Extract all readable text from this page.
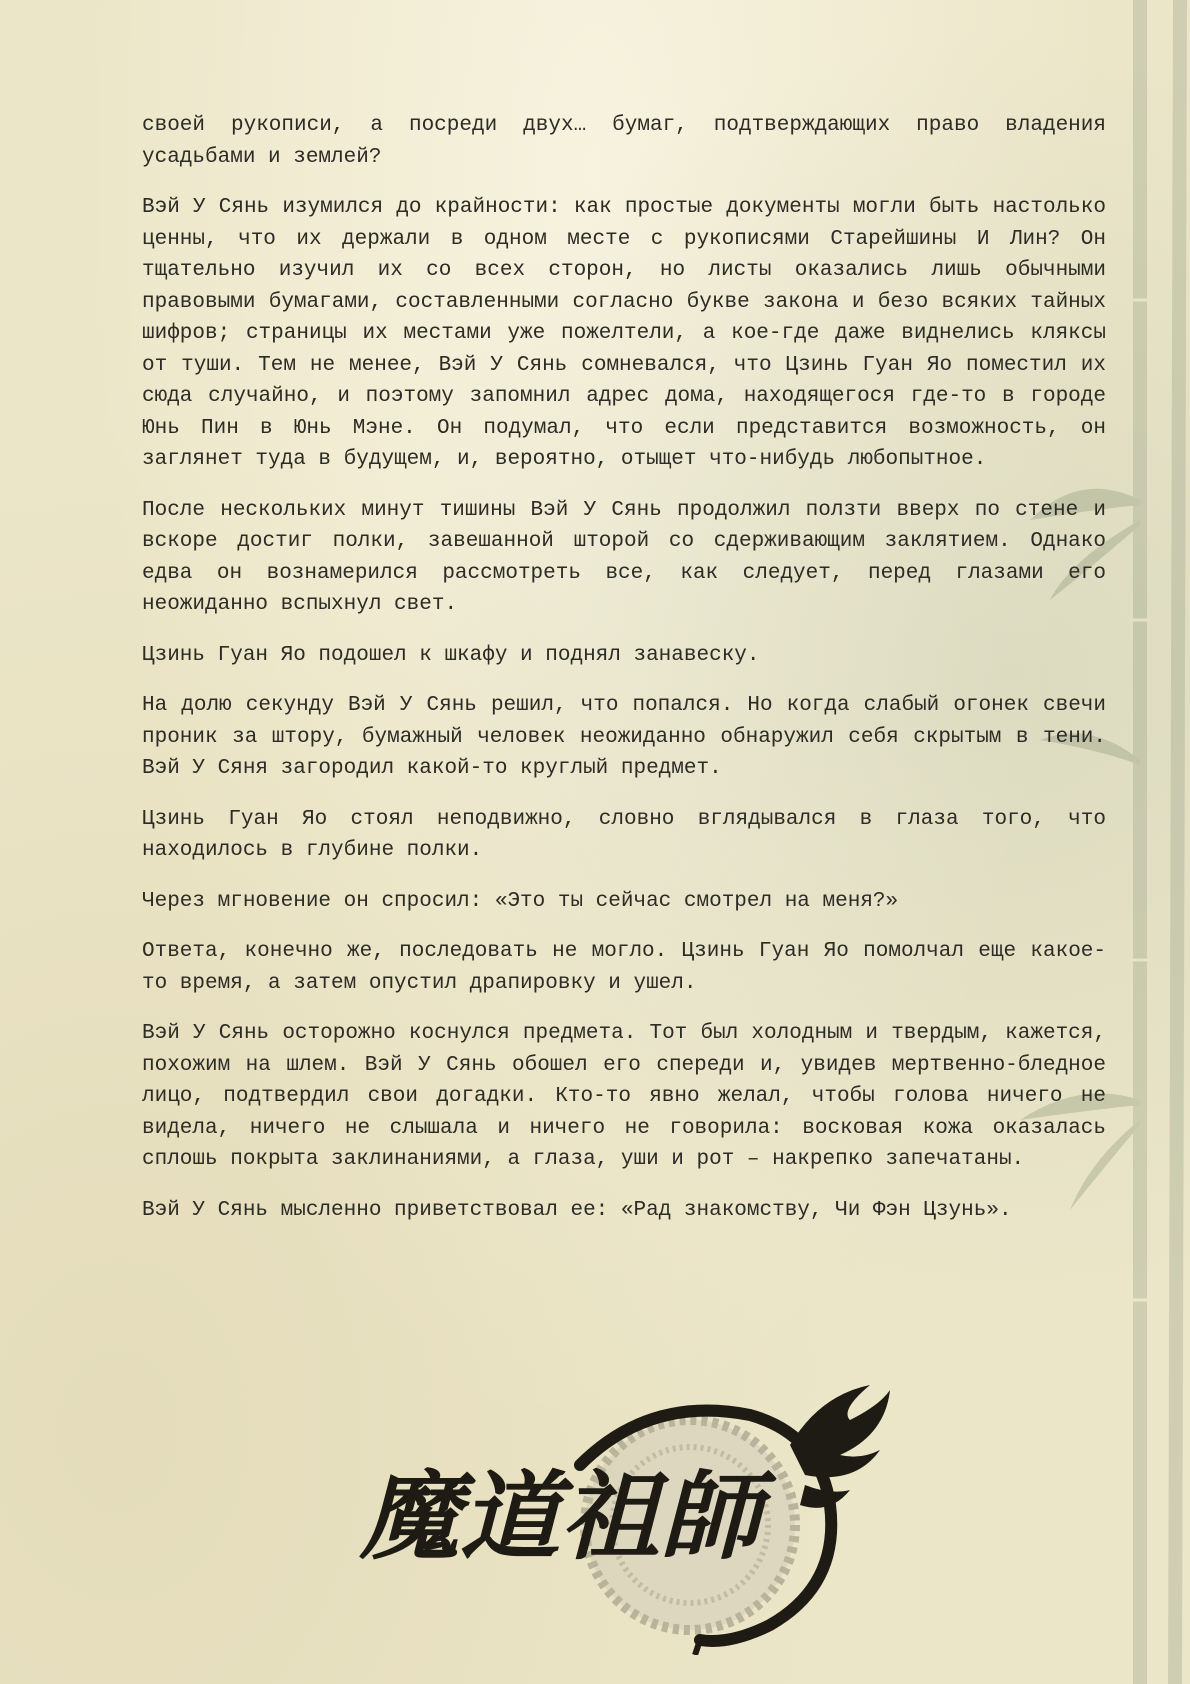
своей рукописи, а посреди двух… бумаг, подтверждающих право владения усадьбами и землей?

Вэй У Сянь изумился до крайности: как простые документы могли быть настолько ценны, что их держали в одном месте с рукописями Старейшины И Лин? Он тщательно изучил их со всех сторон, но листы оказались лишь обычными правовыми бумагами, составленными согласно букве закона и безо всяких тайных шифров; страницы их местами уже пожелтели, а кое-где даже виднелись кляксы от туши. Тем не менее, Вэй У Сянь сомневался, что Цзинь Гуан Яо поместил их сюда случайно, и поэтому запомнил адрес дома, находящегося где-то в городе Юнь Пин в Юнь Мэне. Он подумал, что если представится возможность, он заглянет туда в будущем, и, вероятно, отыщет что-нибудь любопытное.

После нескольких минут тишины Вэй У Сянь продолжил ползти вверх по стене и вскоре достиг полки, завешанной шторой со сдерживающим заклятием. Однако едва он вознамерился рассмотреть все, как следует, перед глазами его неожиданно вспыхнул свет.

Цзинь Гуан Яо подошел к шкафу и поднял занавеску.

На долю секунду Вэй У Сянь решил, что попался. Но когда слабый огонек свечи проник за штору, бумажный человек неожиданно обнаружил себя скрытым в тени. Вэй У Сяня загородил какой-то круглый предмет.

Цзинь Гуан Яо стоял неподвижно, словно вглядывался в глаза того, что находилось в глубине полки.

Через мгновение он спросил: «Это ты сейчас смотрел на меня?»

Ответа, конечно же, последовать не могло. Цзинь Гуан Яо помолчал еще какое-то время, а затем опустил драпировку и ушел.

Вэй У Сянь осторожно коснулся предмета. Тот был холодным и твердым, кажется, похожим на шлем. Вэй У Сянь обошел его спереди и, увидев мертвенно-бледное лицо, подтвердил свои догадки. Кто-то явно желал, чтобы голова ничего не видела, ничего не слышала и ничего не говорила: восковая кожа оказалась сплошь покрыта заклинаниями, а глаза, уши и рот – накрепко запечатаны.

Вэй У Сянь мысленно приветствовал ее: «Рад знакомству, Чи Фэн Цзунь».

魔道祖師
